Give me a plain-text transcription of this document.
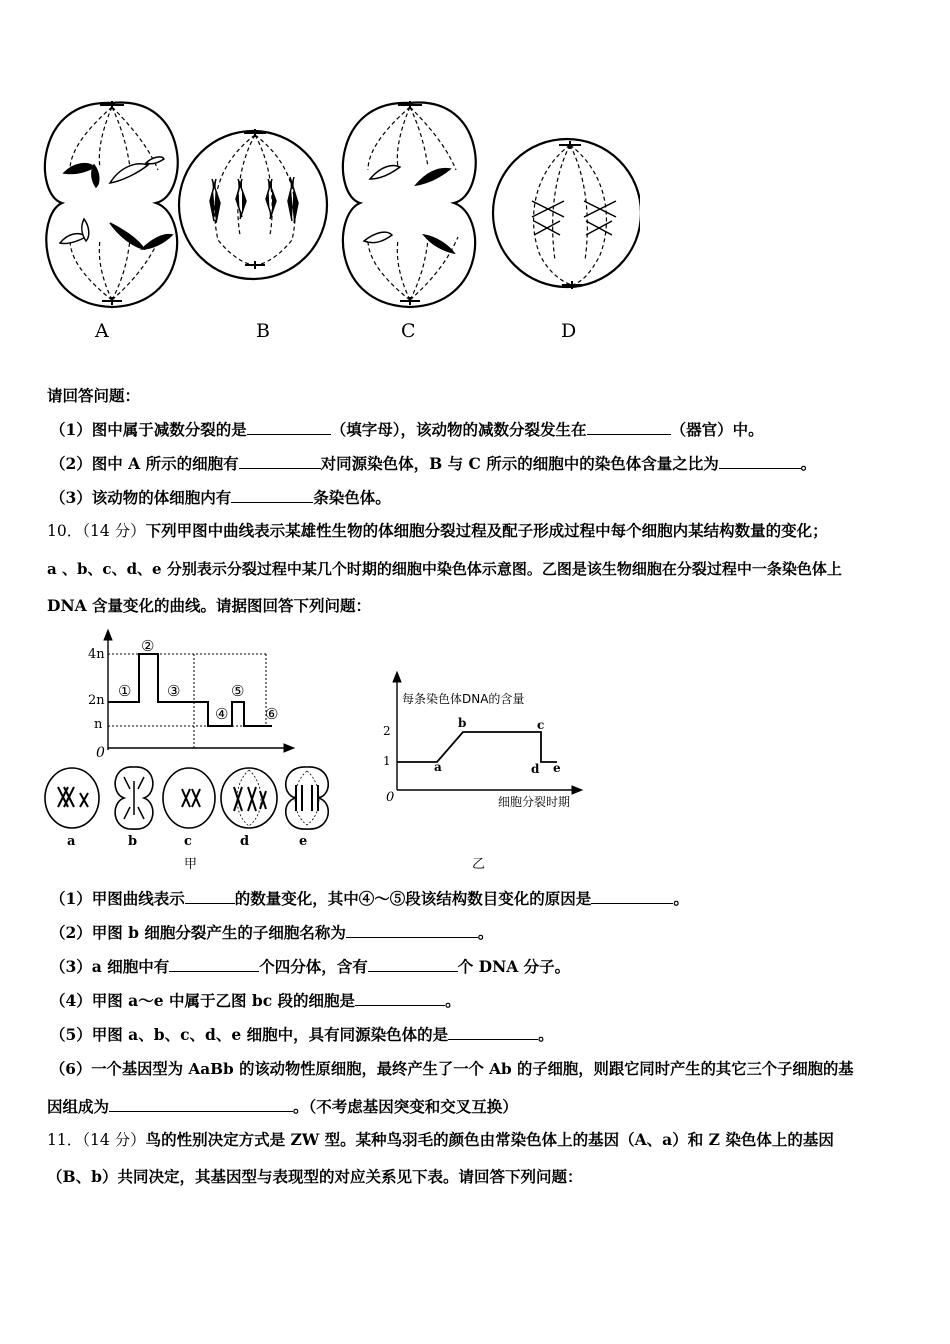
A	B	C	D
请回答问题：
（1）图中属于减数分裂的是	（填字母），该动物的减数分裂发生在	（器官）中。
（2）图中 A 所示的细胞有	对同源染色体，B 与 C 所示的细胞中的染色体含量之比为	。
（3）该动物的体细胞内有	条染色体。
10．（14 分）下列甲图中曲线表示某雄性生物的体细胞分裂过程及配子形成过程中每个细胞内某结构数量的变化；
a 、b、c、d、e 分别表示分裂过程中某几个时期的细胞中染色体示意图。乙图是该生物细胞在分裂过程中一条染色体上
DNA 含量变化的曲线。请据图回答下列问题：
4n
2n
n
0
①
②
③
④
⑤
⑥
a	b	c	d	e
甲
每条染色体DNA的含量
2
1
0
a
b	c
d e
细胞分裂时期
乙
（1）甲图曲线表示	的数量变化，其中④～⑤段该结构数目变化的原因是	。
（2）甲图 b 细胞分裂产生的子细胞名称为	。
（3）a 细胞中有	个四分体，含有	个 DNA 分子。
（4）甲图 a～e 中属于乙图 bc 段的细胞是	。
（5）甲图 a、b、c、d、e 细胞中，具有同源染色体的是	。
（6）一个基因型为 AaBb 的该动物性原细胞，最终产生了一个 Ab 的子细胞，则跟它同时产生的其它三个子细胞的基
因组成为	。（不考虑基因突变和交叉互换）
11．（14 分）鸟的性别决定方式是 ZW 型。某种鸟羽毛的颜色由常染色体上的基因（A、a）和 Z 染色体上的基因
（B、b）共同决定，其基因型与表现型的对应关系见下表。请回答下列问题：
